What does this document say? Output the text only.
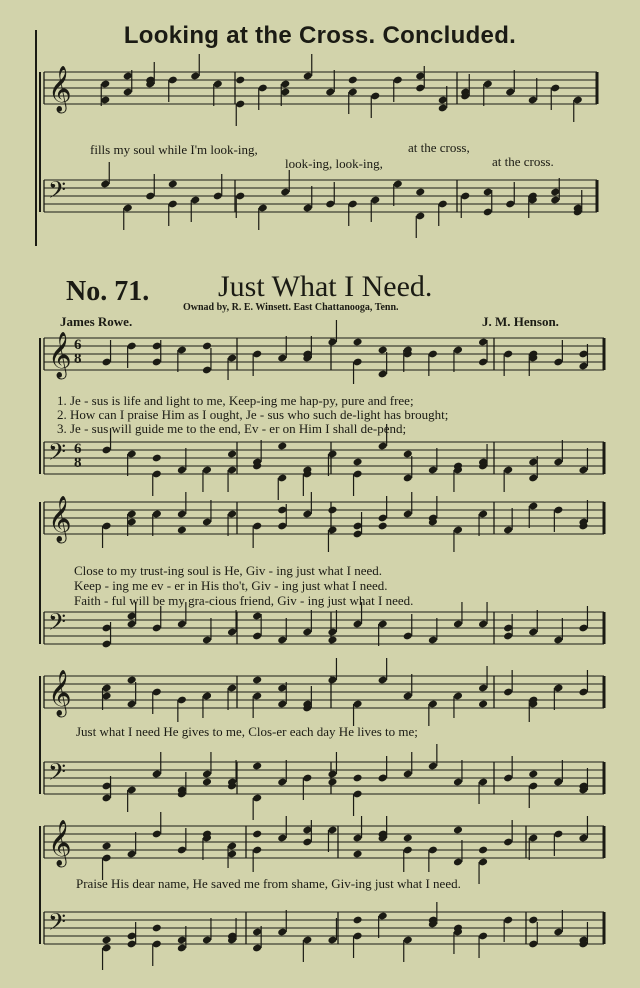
𝄞
𝄢
𝄞
𝄢
𝄞
𝄢
𝄞
𝄢
𝄞
𝄢
Looking at the Cross. Concluded.
fills my soul while I'm look-ing,	at the cross,
look-ing, look-ing,	at the cross.
No. 71. Just What I Need.
Ownad by, R. E. Winsett. East Chattanooga, Tenn.
James Rowe.	J. M. Henson.
6
8
6
8
1. Je - sus is life and light to me, Keep-ing me hap-py, pure and free;
2. How can I praise Him as I ought, Je - sus who such de-light has brought;
3. Je - sus will guide me to the end, Ev - er on Him I shall de-pend;
Close to my trust-ing soul is He, Giv - ing just what I need.
Keep - ing me ev - er in His tho't, Giv - ing just what I need.
Faith - ful will be my gra-cious friend, Giv - ing just what I need.
Just what I need He gives to me, Clos-er each day He lives to me;
Praise His dear name, He saved me from shame, Giv-ing just what I need.
